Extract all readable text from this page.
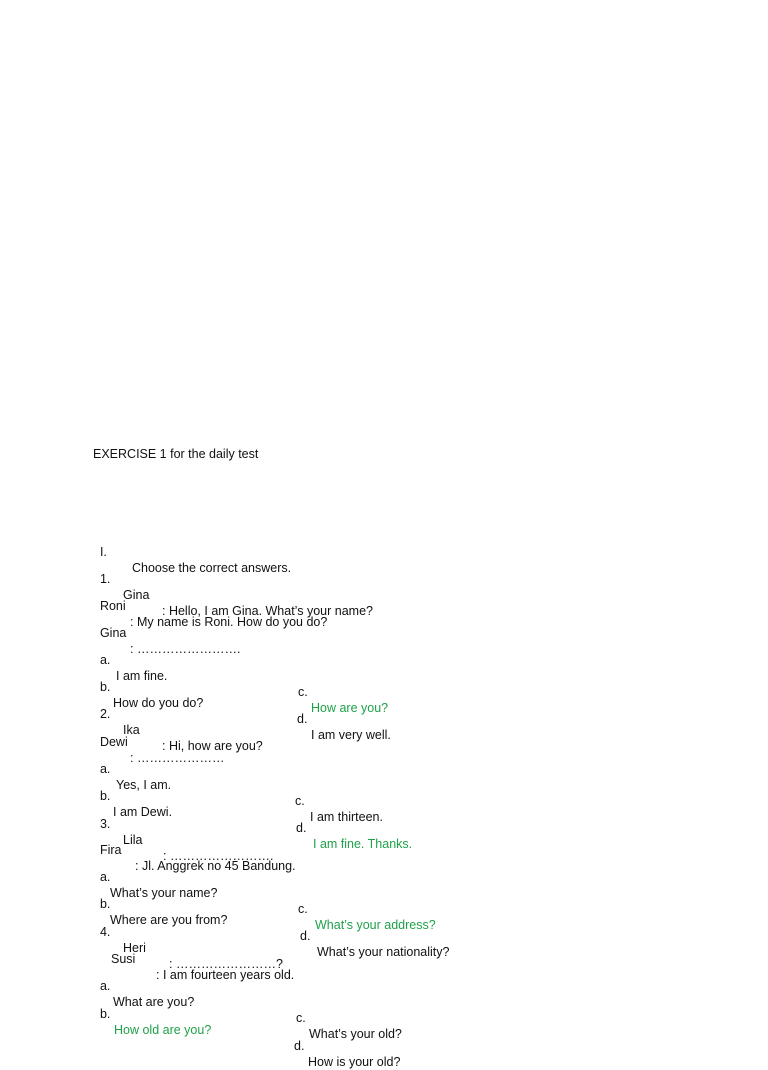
EXERCISE 1 for the daily test

I.

Choose the correct answers.

1.

Gina

: Hello, I am Gina. What’s your name?

Roni

: My name is Roni. How do you do?

Gina

: …………………….

a.

I am fine.

c.

How are you?

b.

How do you do?

d.

I am very well.

2.

Ika

: Hi, how are you?

Dewi

: …………………

a.

Yes, I am.

c.

I am thirteen.

b.

I am Dewi.

d.

I am fine. Thanks.

3.

Lila

: …………………….

Fira

: Jl. Anggrek no 45 Bandung.

a.

What’s your name?

c.

What’s your address?

b.

Where are you from?

d.

What’s your nationality?

4.

Heri

: ……………………?

Susi

: I am fourteen years old.

a.

What are you?

c.

What’s your old?

b.

How old are you?

d.

How is your old?
